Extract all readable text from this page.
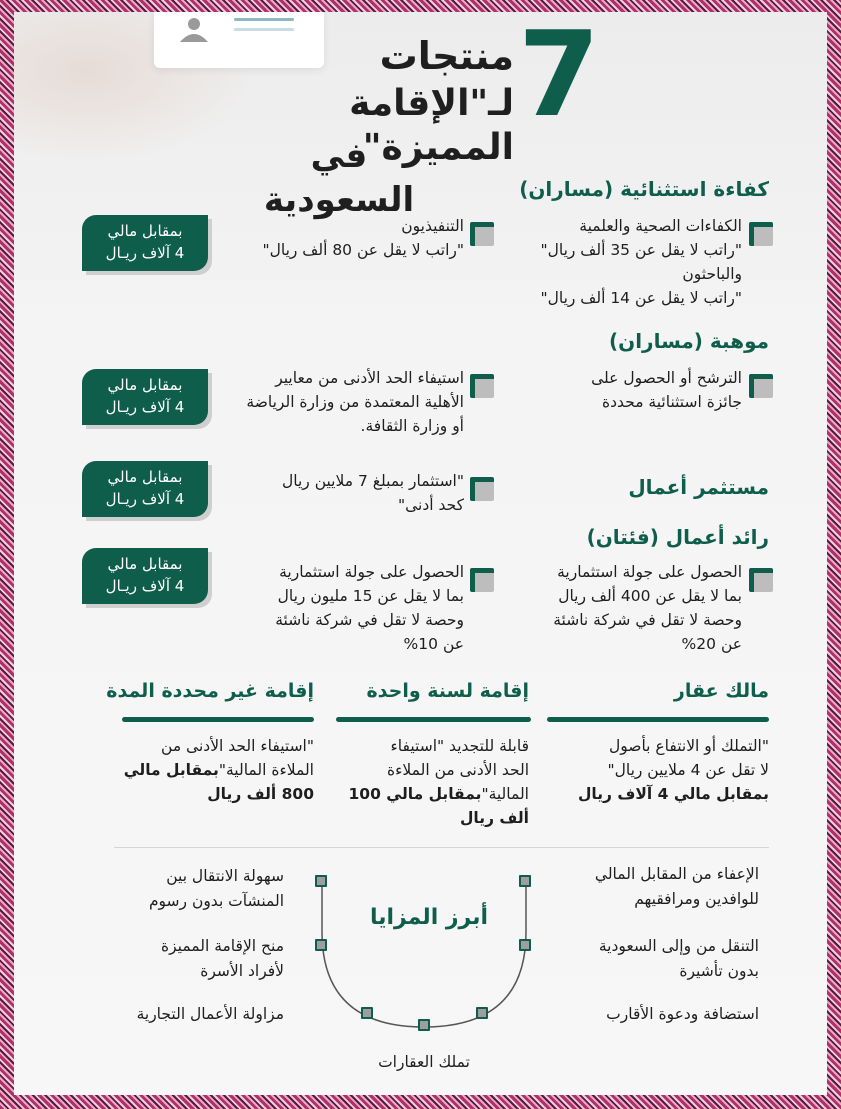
7
منتجات
لـ"الإقامة المميزة"
في السعودية	كفاءة استثنائية (مساران)
الكفاءات الصحية والعلمية
"راتب لا يقل عن 35 ألف ريال"
والباحثون
"راتب لا يقل عن 14 ألف ريال"
التنفيذيون
"راتب لا يقل عن 80 ألف ريال"
بمقابل مالي
4 آلاف ريـال
موهبة (مساران)
الترشح أو الحصول على
جائزة استثنائية محددة
استيفاء الحد الأدنى من معايير
الأهلية المعتمدة من وزارة الرياضة
أو وزارة الثقافة.
بمقابل مالي
4 آلاف ريـال
مستثمر أعمال
"استثمار بمبلغ 7 ملايين ريال
كحد أدنى"
بمقابل مالي
4 آلاف ريـال
رائد أعمال (فئتان)
الحصول على جولة استثمارية
بما لا يقل عن 400 ألف ريال
وحصة لا تقل في شركة ناشئة
عن 20%
الحصول على جولة استثمارية
بما لا يقل عن 15 مليون ريال
وحصة لا تقل في شركة ناشئة
عن 10%
بمقابل مالي
4 آلاف ريـال
مالك عقار
"التملك أو الانتفاع بأصول
لا تقل عن 4 ملايين ريال"
بمقابل مالي 4 آلاف ريال
إقامة لسنة واحدة
قابلة للتجديد "استيفاء
الحد الأدنى من الملاءة
المالية"بمقابل مالي 100
ألف ريال
إقامة غير محددة المدة
"استيفاء الحد الأدنى من
الملاءة المالية"بمقابل مالي
800 ألف ريال
أبرز المزايا
الإعفاء من المقابل المالي
للوافدين ومرافقيهم
التنقل من وإلى السعودية
بدون تأشيرة
استضافة ودعوة الأقارب
سهولة الانتقال بين
المنشآت بدون رسوم
منح الإقامة المميزة
لأفراد الأسرة
مزاولة الأعمال التجارية
تملك العقارات
